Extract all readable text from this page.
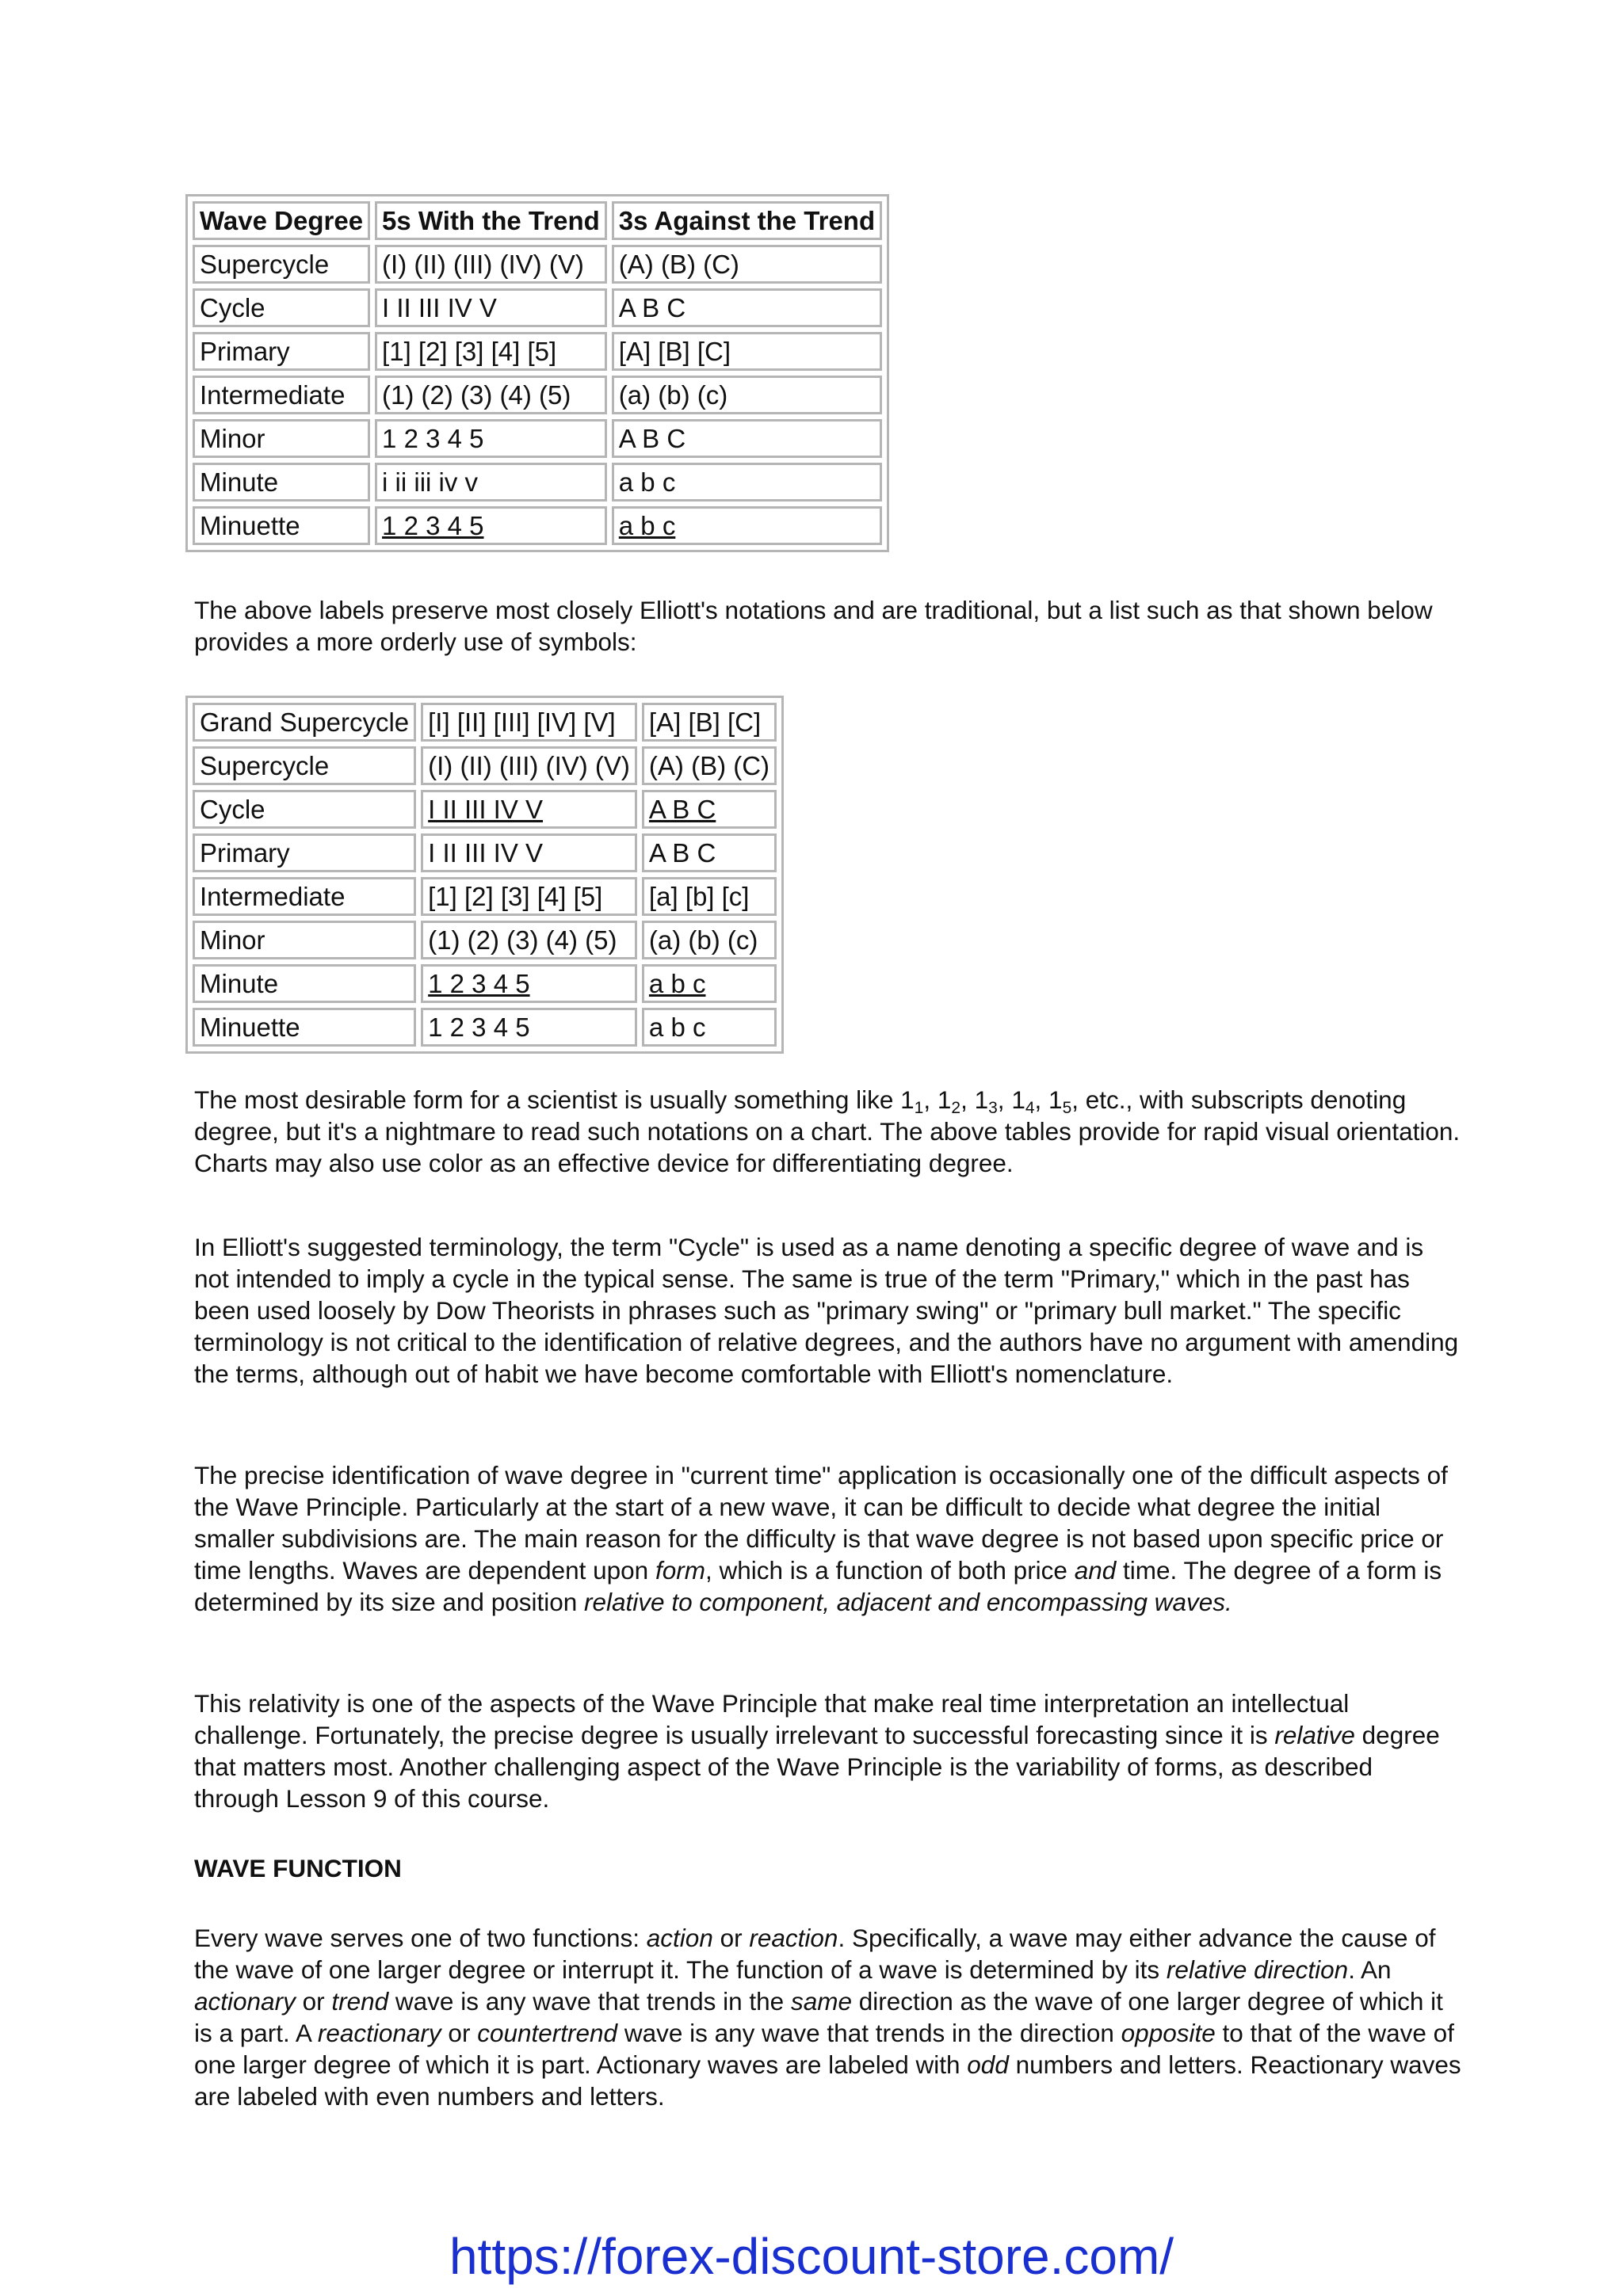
Wave Degree	5s With the Trend	3s Against the Trend
Supercycle	(I) (II) (III) (IV) (V)	(A) (B) (C)
Cycle	I II III IV V	A B C
Primary	[1] [2] [3] [4] [5]	[A] [B] [C]
Intermediate	(1) (2) (3) (4) (5)	(a) (b) (c)
Minor	1 2 3 4 5	A B C
Minute	i ii iii iv v	a b c
Minuette	1 2 3 4 5	a b c
The above labels preserve most closely Elliott's notations and are traditional, but a list such as that shown below provides a more orderly use of symbols:
Grand Supercycle	[I] [II] [III] [IV] [V]	[A] [B] [C]
Supercycle	(I) (II) (III) (IV) (V)	(A) (B) (C)
Cycle	I II III IV V	A B C
Primary	I II III IV V	A B C
Intermediate	[1] [2] [3] [4] [5]	[a] [b] [c]
Minor	(1) (2) (3) (4) (5)	(a) (b) (c)
Minute	1 2 3 4 5	a b c
Minuette	1 2 3 4 5	a b c
The most desirable form for a scientist is usually something like $1_1$, $1_2$, $1_3$, $1_4$, $1_5$, etc., with subscripts denoting degree, but it's a nightmare to read such notations on a chart. The above tables provide for rapid visual orientation. Charts may also use color as an effective device for differentiating degree.
In Elliott's suggested terminology, the term "Cycle" is used as a name denoting a specific degree of wave and is not intended to imply a cycle in the typical sense. The same is true of the term "Primary," which in the past has been used loosely by Dow Theorists in phrases such as "primary swing" or "primary bull market." The specific terminology is not critical to the identification of relative degrees, and the authors have no argument with amending the terms, although out of habit we have become comfortable with Elliott's nomenclature.
The precise identification of wave degree in "current time" application is occasionally one of the difficult aspects of the Wave Principle. Particularly at the start of a new wave, it can be difficult to decide what degree the initial smaller subdivisions are. The main reason for the difficulty is that wave degree is not based upon specific price or time lengths. Waves are dependent upon form, which is a function of both price and time. The degree of a form is determined by its size and position relative to component, adjacent and encompassing waves.
This relativity is one of the aspects of the Wave Principle that make real time interpretation an intellectual challenge. Fortunately, the precise degree is usually irrelevant to successful forecasting since it is relative degree that matters most. Another challenging aspect of the Wave Principle is the variability of forms, as described through Lesson 9 of this course.
WAVE FUNCTION
Every wave serves one of two functions: action or reaction. Specifically, a wave may either advance the cause of the wave of one larger degree or interrupt it. The function of a wave is determined by its relative direction. An actionary or trend wave is any wave that trends in the same direction as the wave of one larger degree of which it is a part. A reactionary or countertrend wave is any wave that trends in the direction opposite to that of the wave of one larger degree of which it is part. Actionary waves are labeled with odd numbers and letters. Reactionary waves are labeled with even numbers and letters.
https://forex-discount-store.com/
